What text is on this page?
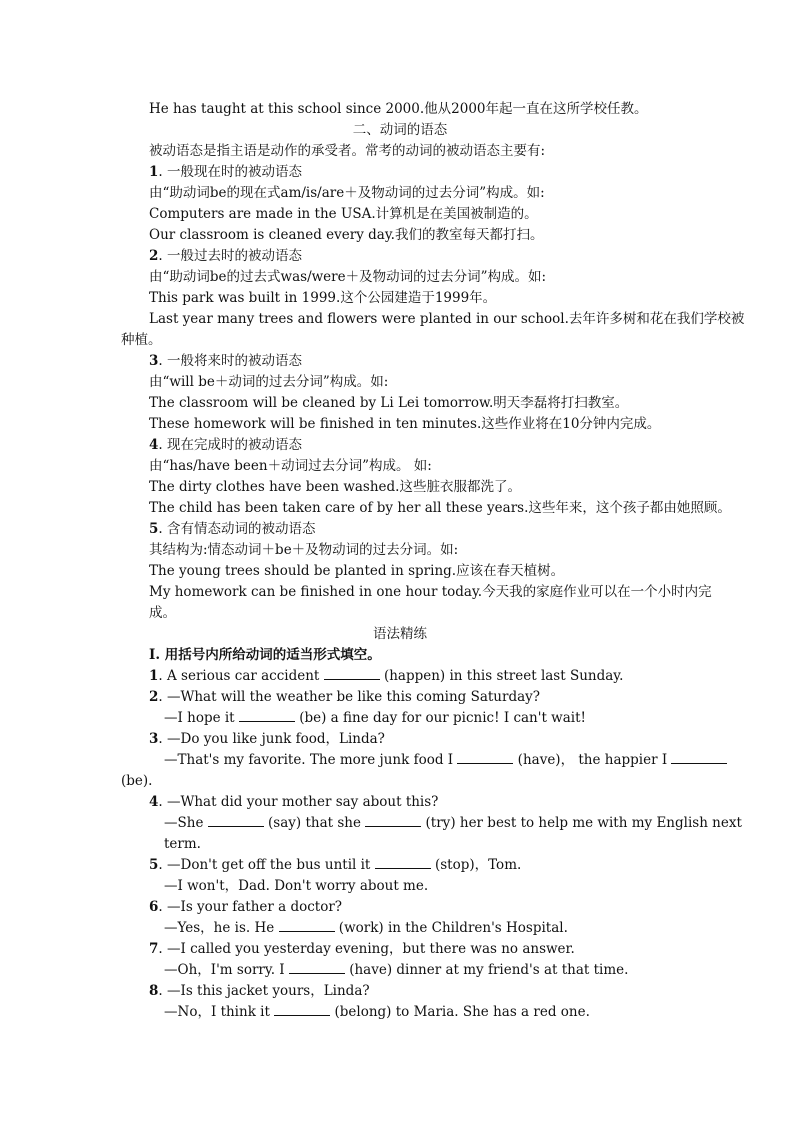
He has taught at this school since 2000.他从2000年起一直在这所学校任教。
二、动词的语态
被动语态是指主语是动作的承受者。常考的动词的被动语态主要有:
1. 一般现在时的被动语态
由“助动词be的现在式am/is/are＋及物动词的过去分词”构成。如:
Computers are made in the USA.计算机是在美国被制造的。
Our classroom is cleaned every day.我们的教室每天都打扫。
2. 一般过去时的被动语态
由“助动词be的过去式was/were＋及物动词的过去分词”构成。如:
This park was built in 1999.这个公园建造于1999年。
Last year many trees and flowers were planted in our school.去年许多树和花在我们学校被
种植。
3. 一般将来时的被动语态
由“will be＋动词的过去分词”构成。如:
The classroom will be cleaned by Li Lei tomorrow.明天李磊将打扫教室。
These homework will be finished in ten minutes.这些作业将在10分钟内完成。
4. 现在完成时的被动语态
由“has/have been＋动词过去分词”构成。 如:
The dirty clothes have been washed.这些脏衣服都洗了。
The child has been taken care of by her all these years.这些年来，这个孩子都由她照顾。
5. 含有情态动词的被动语态
其结构为:情态动词＋be＋及物动词的过去分词。如:
The young trees should be planted in spring.应该在春天植树。
My homework can be finished in one hour today.今天我的家庭作业可以在一个小时内完
成。
语法精练
Ⅰ. 用括号内所给动词的适当形式填空。
1. A serious car accident	(happen) in this street last Sunday.
2. —What will the weather be like this coming Saturday?
—I hope it	(be) a fine day for our picnic! I can't wait!
3. —Do you like junk food，Linda?
—That's my favorite. The more junk food I	(have)， the happier I
(be).
4. —What did your mother say about this?
—She	(say) that she	(try) her best to help me with my English next
term.
5. —Don't get off the bus until it	(stop)，Tom.
—I won't，Dad. Don't worry about me.
6. —Is your father a doctor?
—Yes，he is. He	(work) in the Children's Hospital.
7. —I called you yesterday evening，but there was no answer.
—Oh，I'm sorry. I	(have) dinner at my friend's at that time.
8. —Is this jacket yours，Linda?
—No，I think it	(belong) to Maria. She has a red one.
